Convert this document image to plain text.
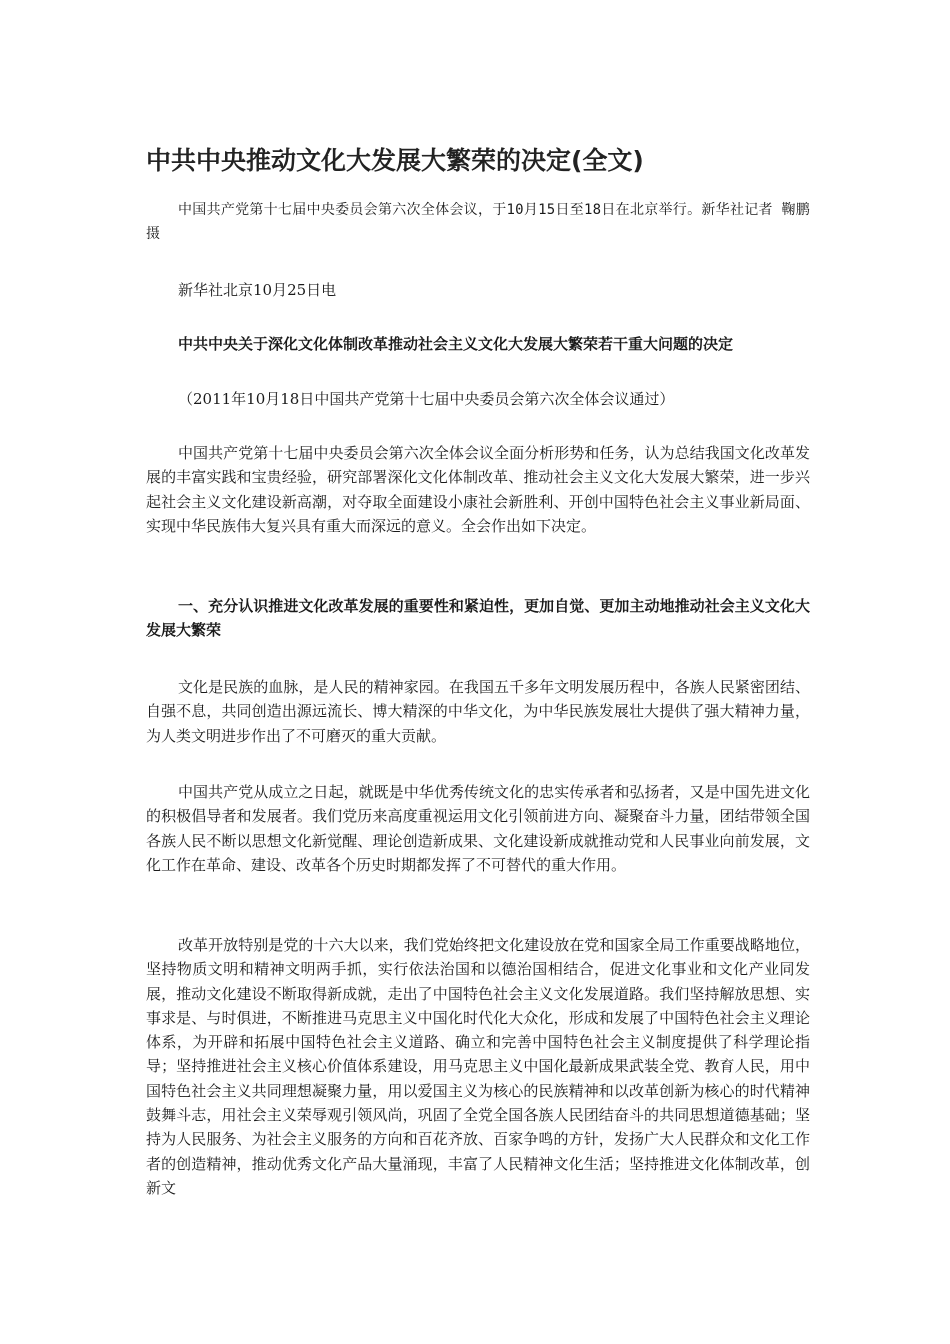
中共中央推动文化大发展大繁荣的决定(全文)

中国共产党第十七届中央委员会第六次全体会议，于10月15日至18日在北京举行。新华社记者 鞠鹏摄

新华社北京10月25日电

中共中央关于深化文化体制改革推动社会主义文化大发展大繁荣若干重大问题的决定

（2011年10月18日中国共产党第十七届中央委员会第六次全体会议通过）

中国共产党第十七届中央委员会第六次全体会议全面分析形势和任务，认为总结我国文化改革发展的丰富实践和宝贵经验，研究部署深化文化体制改革、推动社会主义文化大发展大繁荣，进一步兴起社会主义文化建设新高潮，对夺取全面建设小康社会新胜利、开创中国特色社会主义事业新局面、实现中华民族伟大复兴具有重大而深远的意义。全会作出如下决定。

一、充分认识推进文化改革发展的重要性和紧迫性，更加自觉、更加主动地推动社会主义文化大发展大繁荣

文化是民族的血脉，是人民的精神家园。在我国五千多年文明发展历程中，各族人民紧密团结、自强不息，共同创造出源远流长、博大精深的中华文化，为中华民族发展壮大提供了强大精神力量，为人类文明进步作出了不可磨灭的重大贡献。

中国共产党从成立之日起，就既是中华优秀传统文化的忠实传承者和弘扬者，又是中国先进文化的积极倡导者和发展者。我们党历来高度重视运用文化引领前进方向、凝聚奋斗力量，团结带领全国各族人民不断以思想文化新觉醒、理论创造新成果、文化建设新成就推动党和人民事业向前发展，文化工作在革命、建设、改革各个历史时期都发挥了不可替代的重大作用。

改革开放特别是党的十六大以来，我们党始终把文化建设放在党和国家全局工作重要战略地位，坚持物质文明和精神文明两手抓，实行依法治国和以德治国相结合，促进文化事业和文化产业同发展，推动文化建设不断取得新成就，走出了中国特色社会主义文化发展道路。我们坚持解放思想、实事求是、与时俱进，不断推进马克思主义中国化时代化大众化，形成和发展了中国特色社会主义理论体系，为开辟和拓展中国特色社会主义道路、确立和完善中国特色社会主义制度提供了科学理论指导；坚持推进社会主义核心价值体系建设，用马克思主义中国化最新成果武装全党、教育人民，用中国特色社会主义共同理想凝聚力量，用以爱国主义为核心的民族精神和以改革创新为核心的时代精神鼓舞斗志，用社会主义荣辱观引领风尚，巩固了全党全国各族人民团结奋斗的共同思想道德基础；坚持为人民服务、为社会主义服务的方向和百花齐放、百家争鸣的方针，发扬广大人民群众和文化工作者的创造精神，推动优秀文化产品大量涌现，丰富了人民精神文化生活；坚持推进文化体制改革，创新文
